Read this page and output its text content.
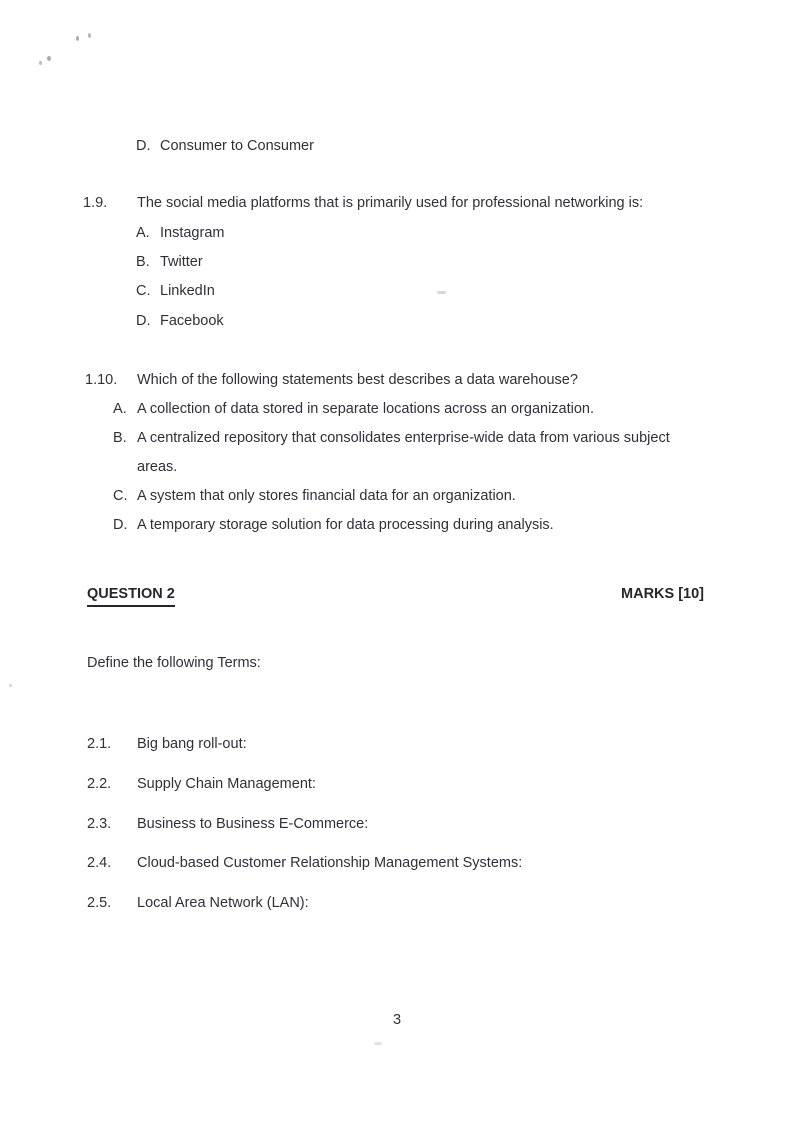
D. Consumer to Consumer
1.9. The social media platforms that is primarily used for professional networking is:
A. Instagram
B. Twitter
C. LinkedIn
D. Facebook
1.10. Which of the following statements best describes a data warehouse?
A. A collection of data stored in separate locations across an organization.
B. A centralized repository that consolidates enterprise-wide data from various subject
areas.
C. A system that only stores financial data for an organization.
D. A temporary storage solution for data processing during analysis.
QUESTION 2	MARKS [10]
Define the following Terms:
2.1. Big bang roll-out:
2.2. Supply Chain Management:
2.3. Business to Business E-Commerce:
2.4. Cloud-based Customer Relationship Management Systems:
2.5. Local Area Network (LAN):
3
